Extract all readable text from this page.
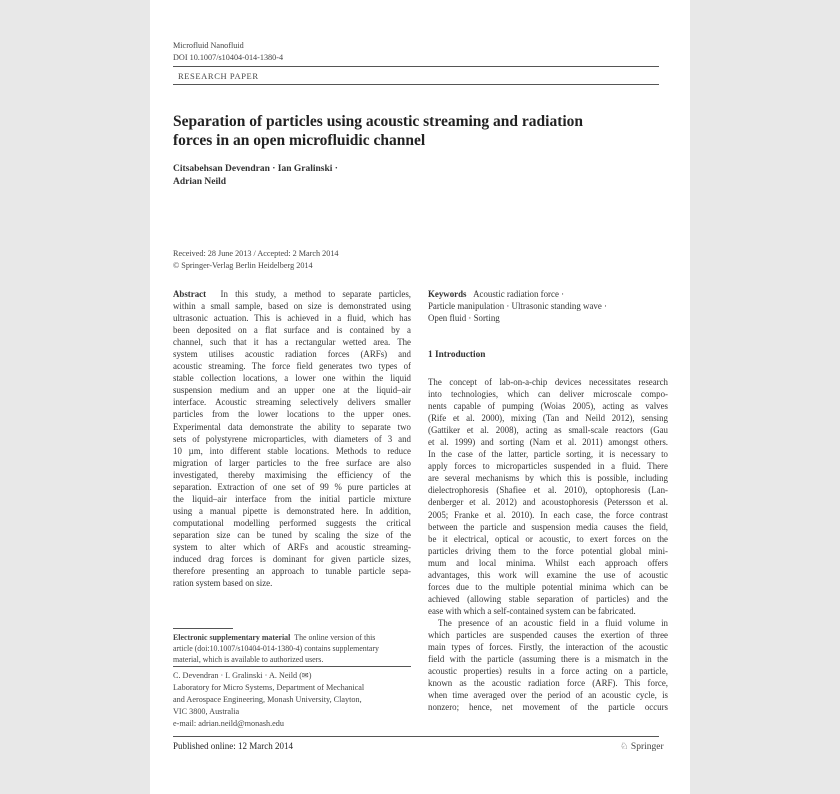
Microfluid Nanofluid
DOI 10.1007/s10404-014-1380-4
RESEARCH PAPER
Separation of particles using acoustic streaming and radiation
forces in an open microfluidic channel
Citsabehsan Devendran · Ian Gralinski ·
Adrian Neild
Received: 28 June 2013 / Accepted: 2 March 2014
© Springer-Verlag Berlin Heidelberg 2014
Abstract In this study, a method to separate particles,
within a small sample, based on size is demonstrated using
ultrasonic actuation. This is achieved in a fluid, which has
been deposited on a flat surface and is contained by a
channel, such that it has a rectangular wetted area. The
system utilises acoustic radiation forces (ARFs) and
acoustic streaming. The force field generates two types of
stable collection locations, a lower one within the liquid
suspension medium and an upper one at the liquid–air
interface. Acoustic streaming selectively delivers smaller
particles from the lower locations to the upper ones.
Experimental data demonstrate the ability to separate two
sets of polystyrene microparticles, with diameters of 3 and
10 µm, into different stable locations. Methods to reduce
migration of larger particles to the free surface are also
investigated, thereby maximising the efficiency of the
separation. Extraction of one set of 99 % pure particles at
the liquid–air interface from the initial particle mixture
using a manual pipette is demonstrated here. In addition,
computational modelling performed suggests the critical
separation size can be tuned by scaling the size of the
system to alter which of ARFs and acoustic streaming-
induced drag forces is dominant for given particle sizes,
therefore presenting an approach to tunable particle sepa-
ration system based on size.
Keywords Acoustic radiation force ·
Particle manipulation · Ultrasonic standing wave ·
Open fluid · Sorting
1 Introduction
The concept of lab-on-a-chip devices necessitates research
into technologies, which can deliver microscale compo-
nents capable of pumping (Woias 2005), acting as valves
(Rife et al. 2000), mixing (Tan and Neild 2012), sensing
(Gattiker et al. 2008), acting as small-scale reactors (Gau
et al. 1999) and sorting (Nam et al. 2011) amongst others.
In the case of the latter, particle sorting, it is necessary to
apply forces to microparticles suspended in a fluid. There
are several mechanisms by which this is possible, including
dielectrophoresis (Shafiee et al. 2010), optophoresis (Lan-
denberger et al. 2012) and acoustophoresis (Petersson et al.
2005; Franke et al. 2010). In each case, the force contrast
between the particle and suspension media causes the field,
be it electrical, optical or acoustic, to exert forces on the
particles driving them to the force potential global mini-
mum and local minima. Whilst each approach offers
advantages, this work will examine the use of acoustic
forces due to the multiple potential minima which can be
achieved (allowing stable separation of particles) and the
ease with which a self-contained system can be fabricated.
The presence of an acoustic field in a fluid volume in
which particles are suspended causes the exertion of three
main types of forces. Firstly, the interaction of the acoustic
field with the particle (assuming there is a mismatch in the
acoustic properties) results in a force acting on a particle,
known as the acoustic radiation force (ARF). This force,
when time averaged over the period of an acoustic cycle, is
nonzero; hence, net movement of the particle occurs
Electronic supplementary material The online version of this
article (doi:10.1007/s10404-014-1380-4) contains supplementary
material, which is available to authorized users.
C. Devendran · I. Gralinski · A. Neild (✉)
Laboratory for Micro Systems, Department of Mechanical
and Aerospace Engineering, Monash University, Clayton,
VIC 3800, Australia
e-mail: adrian.neild@monash.edu
Published online: 12 March 2014	♘ Springer
